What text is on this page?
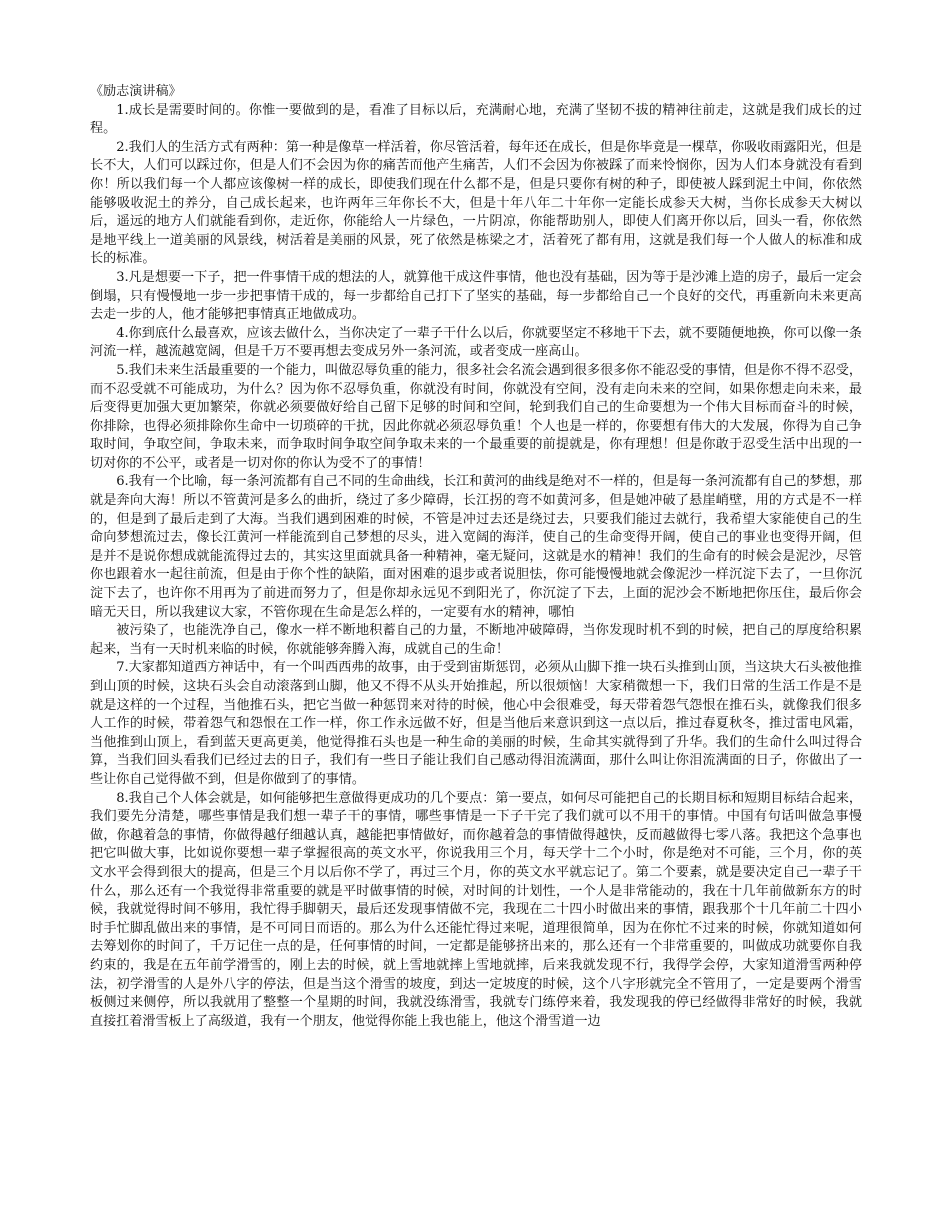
《励志演讲稿》

1.成长是需要时间的。你惟一要做到的是，看准了目标以后，充满耐心地，充满了坚韧不拔的精神往前走，这就是我们成长的过程。

2.我们人的生活方式有两种：第一种是像草一样活着，你尽管活着，每年还在成长，但是你毕竟是一棵草，你吸收雨露阳光，但是长不大，人们可以踩过你，但是人们不会因为你的痛苦而他产生痛苦，人们不会因为你被踩了而来怜悯你，因为人们本身就没有看到你！所以我们每一个人都应该像树一样的成长，即使我们现在什么都不是，但是只要你有树的种子，即使被人踩到泥土中间，你依然能够吸收泥土的养分，自己成长起来，也许两年三年你长不大，但是十年八年二十年你一定能长成参天大树，当你长成参天大树以后，遥远的地方人们就能看到你，走近你，你能给人一片绿色，一片阴凉，你能帮助别人，即使人们离开你以后，回头一看，你依然是地平线上一道美丽的风景线，树活着是美丽的风景，死了依然是栋梁之才，活着死了都有用，这就是我们每一个人做人的标准和成长的标准。

3.凡是想要一下子，把一件事情干成的想法的人，就算他干成这件事情，他也没有基础，因为等于是沙滩上造的房子，最后一定会倒塌，只有慢慢地一步一步把事情干成的，每一步都给自己打下了坚实的基础，每一步都给自己一个良好的交代，再重新向未来更高去走一步的人，他才能够把事情真正地做成功。

4.你到底什么最喜欢，应该去做什么，当你决定了一辈子干什么以后，你就要坚定不移地干下去，就不要随便地换，你可以像一条河流一样，越流越宽阔，但是千万不要再想去变成另外一条河流，或者变成一座高山。

5.我们未来生活最重要的一个能力，叫做忍辱负重的能力，很多社会名流会遇到很多很多你不能忍受的事情，但是你不得不忍受，而不忍受就不可能成功，为什么？因为你不忍辱负重，你就没有时间，你就没有空间，没有走向未来的空间，如果你想走向未来，最后变得更加强大更加繁荣，你就必须要做好给自己留下足够的时间和空间，轮到我们自己的生命要想为一个伟大目标而奋斗的时候，你排除，也得必须排除你生命中一切琐碎的干扰，因此你就必须忍辱负重！个人也是一样的，你要想有伟大的大发展，你得为自己争取时间，争取空间，争取未来，而争取时间争取空间争取未来的一个最重要的前提就是，你有理想！但是你敢于忍受生活中出现的一切对你的不公平，或者是一切对你的你认为受不了的事情！

6.我有一个比喻，每一条河流都有自己不同的生命曲线，长江和黄河的曲线是绝对不一样的，但是每一条河流都有自己的梦想，那就是奔向大海！所以不管黄河是多么的曲折，绕过了多少障碍，长江拐的弯不如黄河多，但是她冲破了悬崖峭壁，用的方式是不一样的，但是到了最后走到了大海。当我们遇到困难的时候，不管是冲过去还是绕过去，只要我们能过去就行，我希望大家能使自己的生命向梦想流过去，像长江黄河一样能流到自己梦想的尽头，进入宽阔的海洋，使自己的生命变得开阔，使自己的事业也变得开阔，但是并不是说你想成就能流得过去的，其实这里面就具备一种精神，毫无疑问，这就是水的精神！我们的生命有的时候会是泥沙，尽管你也跟着水一起往前流，但是由于你个性的缺陷，面对困难的退步或者说胆怯，你可能慢慢地就会像泥沙一样沉淀下去了，一旦你沉淀下去了，也许你不用再为了前进而努力了，但是你却永远见不到阳光了，你沉淀了下去，上面的泥沙会不断地把你压住，最后你会暗无天日，所以我建议大家，不管你现在生命是怎么样的，一定要有水的精神，哪怕

被污染了，也能洗净自己，像水一样不断地积蓄自己的力量，不断地冲破障碍，当你发现时机不到的时候，把自己的厚度给积累起来，当有一天时机来临的时候，你就能够奔腾入海，成就自己的生命！

7.大家都知道西方神话中，有一个叫西西弗的故事，由于受到宙斯惩罚，必须从山脚下推一块石头推到山顶，当这块大石头被他推到山顶的时候，这块石头会自动滚落到山脚，他又不得不从头开始推起，所以很烦恼！大家稍微想一下，我们日常的生活工作是不是就是这样的一个过程，当他推石头，把它当做一种惩罚来对待的时候，他心中会很难受，每天带着怨气怨恨在推石头，就像我们很多人工作的时候，带着怨气和怨恨在工作一样，你工作永远做不好，但是当他后来意识到这一点以后，推过春夏秋冬，推过雷电风霜，当他推到山顶上，看到蓝天更高更美，他觉得推石头也是一种生命的美丽的时候，生命其实就得到了升华。我们的生命什么叫过得合算，当我们回头看我们已经过去的日子，我们有一些日子能让我们自己感动得泪流满面，那什么叫让你泪流满面的日子，你做出了一些让你自己觉得做不到，但是你做到了的事情。

8.我自己个人体会就是，如何能够把生意做得更成功的几个要点：第一要点，如何尽可能把自己的长期目标和短期目标结合起来，我们要先分清楚，哪些事情是我们想一辈子干的事情，哪些事情是一下子干完了我们就可以不用干的事情。中国有句话叫做急事慢做，你越着急的事情，你做得越仔细越认真，越能把事情做好，而你越着急的事情做得越快，反而越做得七零八落。我把这个急事也把它叫做大事，比如说你要想一辈子掌握很高的英文水平，你说我用三个月，每天学十二个小时，你是绝对不可能，三个月，你的英文水平会得到很大的提高，但是三个月以后你不学了，再过三个月，你的英文水平就忘记了。第二个要素，就是要决定自己一辈子干什么，那么还有一个我觉得非常重要的就是平时做事情的时候，对时间的计划性，一个人是非常能动的，我在十几年前做新东方的时候，我就觉得时间不够用，我忙得手脚朝天，最后还发现事情做不完，我现在二十四小时做出来的事情，跟我那个十几年前二十四小时手忙脚乱做出来的事情，是不可同日而语的。那么为什么还能忙得过来呢，道理很简单，因为在你忙不过来的时候，你就知道如何去筹划你的时间了，千万记住一点的是，任何事情的时间，一定都是能够挤出来的，那么还有一个非常重要的，叫做成功就要你自我约束的，我是在五年前学滑雪的，刚上去的时候，就上雪地就摔上雪地就摔，后来我就发现不行，我得学会停，大家知道滑雪两种停法，初学滑雪的人是外八字的停法，但是当这个滑雪的坡度，到达一定坡度的时候，这个八字形就完全不管用了，一定是要两个滑雪板侧过来侧停，所以我就用了整整一个星期的时间，我就没练滑雪，我就专门练停来着，我发现我的停已经做得非常好的时候，我就直接扛着滑雪板上了高级道，我有一个朋友，他觉得你能上我也能上，他这个滑雪道一边
